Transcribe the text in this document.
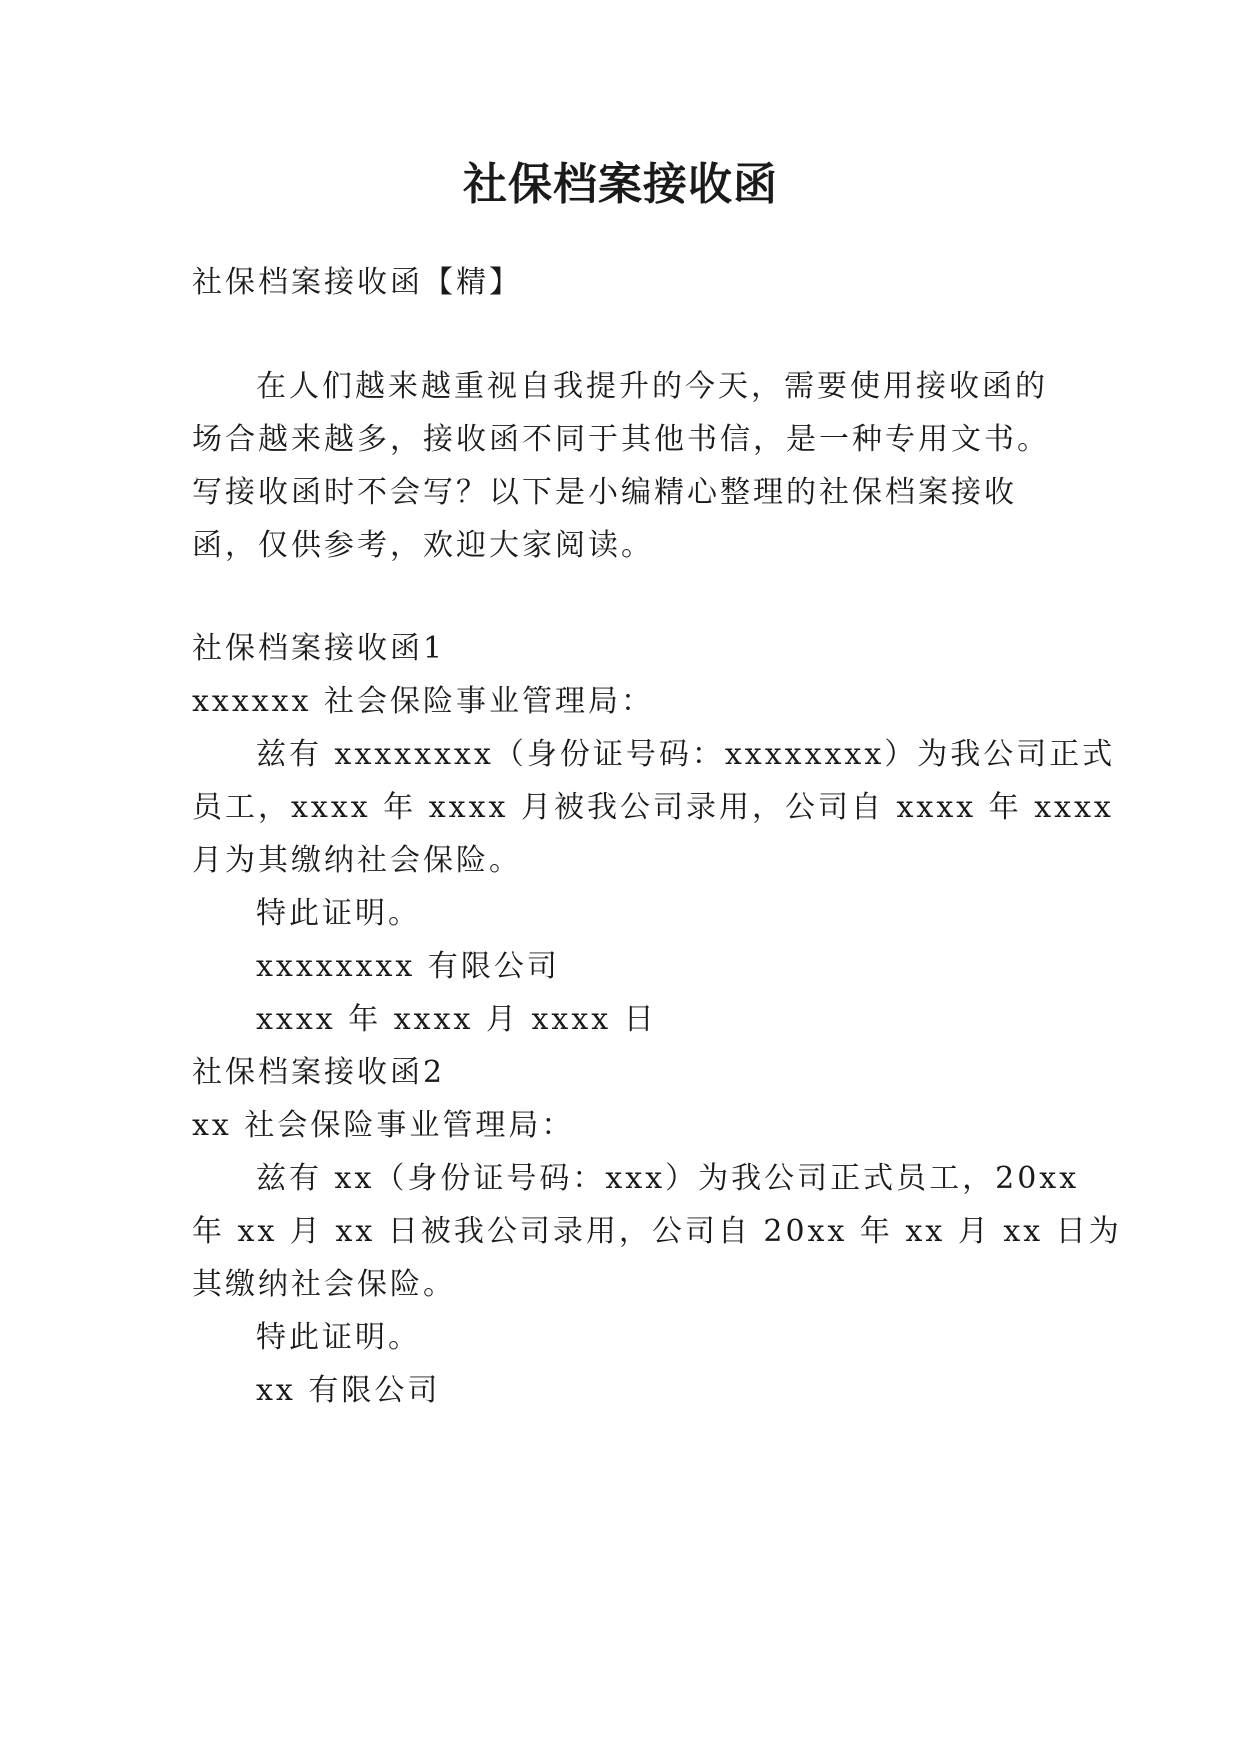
社保档案接收函
社保档案接收函【精】
在人们越来越重视自我提升的今天，需要使用接收函的
场合越来越多，接收函不同于其他书信，是一种专用文书。
写接收函时不会写？以下是小编精心整理的社保档案接收
函，仅供参考，欢迎大家阅读。
社保档案接收函1
xxxxxx 社会保险事业管理局：
兹有 xxxxxxxx（身份证号码：xxxxxxxx）为我公司正式
员工，xxxx 年 xxxx 月被我公司录用，公司自 xxxx 年 xxxx
月为其缴纳社会保险。
特此证明。
xxxxxxxx 有限公司
xxxx 年 xxxx 月 xxxx 日
社保档案接收函2
xx 社会保险事业管理局：
兹有 xx（身份证号码：xxx）为我公司正式员工，20xx
年 xx 月 xx 日被我公司录用，公司自 20xx 年 xx 月 xx 日为
其缴纳社会保险。
特此证明。
xx 有限公司
